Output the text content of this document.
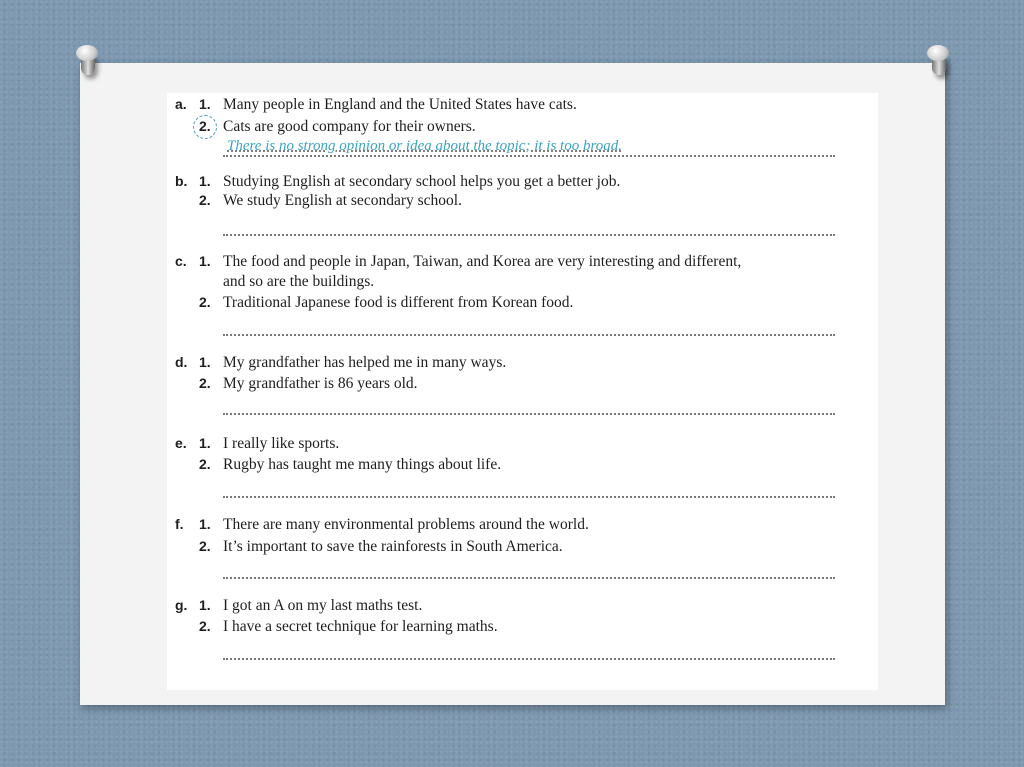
a. 1. Many people in England and the United States have cats.
2. Cats are good company for their owners.
There is no strong opinion or idea about the topic; it is too broad.
b. 1. Studying English at secondary school helps you get a better job.
2. We study English at secondary school.
c. 1. The food and people in Japan, Taiwan, and Korea are very interesting and different,
and so are the buildings.
2. Traditional Japanese food is different from Korean food.
d. 1. My grandfather has helped me in many ways.
2. My grandfather is 86 years old.
e. 1. I really like sports.
2. Rugby has taught me many things about life.
f. 1. There are many environmental problems around the world.
2. It’s important to save the rainforests in South America.
g. 1. I got an A on my last maths test.
2. I have a secret technique for learning maths.
